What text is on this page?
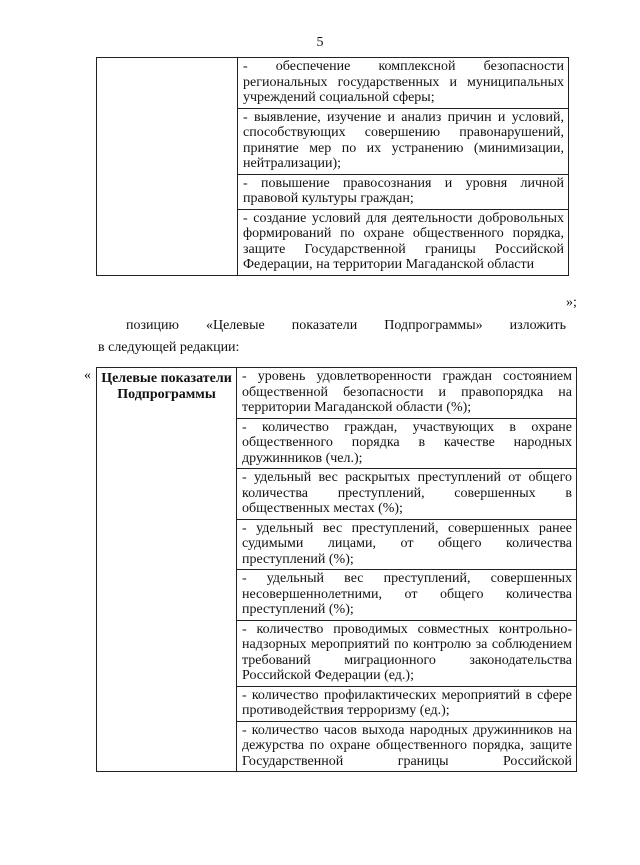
5

- обеспечение комплексной безопасности региональных государственных и муниципальных учреждений социальной сферы;
- выявление, изучение и анализ причин и условий, способствующих совершению правонарушений, принятие мер по их устранению (минимизации, нейтрализации);
- повышение правосознания и уровня личной правовой культуры граждан;
- создание условий для деятельности добровольных формирований по охране общественного порядка, защите Государственной границы Российской Федерации, на территории Магаданской области
»;
позицию «Целевые показатели Подпрограммы» изложить
в следующей редакции:
« Целевые показатели Подпрограммы	
- уровень удовлетворенности граждан состоянием общественной безопасности и правопорядка на территории Магаданской области (%);
- количество граждан, участвующих в охране общественного порядка в качестве народных дружинников (чел.);
- удельный вес раскрытых преступлений от общего количества преступлений, совершенных в общественных местах (%);
- удельный вес преступлений, совершенных ранее судимыми лицами, от общего количества преступлений (%);
- удельный вес преступлений, совершенных несовершеннолетними, от общего количества преступлений (%);
- количество проводимых совместных контрольно-надзорных мероприятий по контролю за соблюдением требований миграционного законодательства Российской Федерации (ед.);
- количество профилактических мероприятий в сфере противодействия терроризму (ед.);
- количество часов выхода народных дружинников на дежурства по охране общественного порядка, защите Государственной границы Российской
